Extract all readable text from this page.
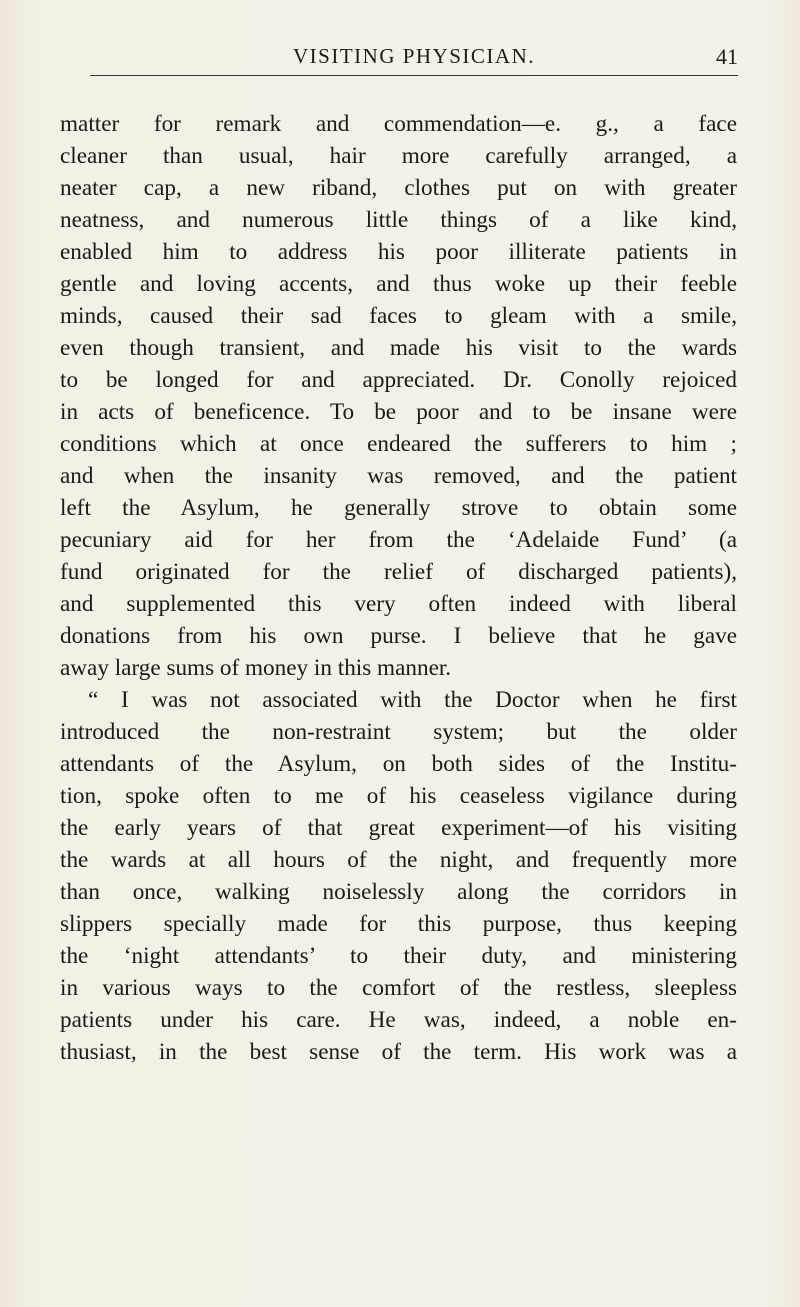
VISITING PHYSICIAN.	41
matter for remark and commendation—e. g., a face
cleaner than usual, hair more carefully arranged, a
neater cap, a new riband, clothes put on with greater
neatness, and numerous little things of a like kind,
enabled him to address his poor illiterate patients in
gentle and loving accents, and thus woke up their feeble
minds, caused their sad faces to gleam with a smile,
even though transient, and made his visit to the wards
to be longed for and appreciated. Dr. Conolly rejoiced
in acts of beneficence. To be poor and to be insane were
conditions which at once endeared the sufferers to him ;
and when the insanity was removed, and the patient
left the Asylum, he generally strove to obtain some
pecuniary aid for her from the ‘Adelaide Fund’ (a
fund originated for the relief of discharged patients),
and supplemented this very often indeed with liberal
donations from his own purse. I believe that he gave
away large sums of money in this manner.
“ I was not associated with the Doctor when he first
introduced the non-restraint system; but the older
attendants of the Asylum, on both sides of the Institu-
tion, spoke often to me of his ceaseless vigilance during
the early years of that great experiment—of his visiting
the wards at all hours of the night, and frequently more
than once, walking noiselessly along the corridors in
slippers specially made for this purpose, thus keeping
the ‘night attendants’ to their duty, and ministering
in various ways to the comfort of the restless, sleepless
patients under his care. He was, indeed, a noble en-
thusiast, in the best sense of the term. His work was a
